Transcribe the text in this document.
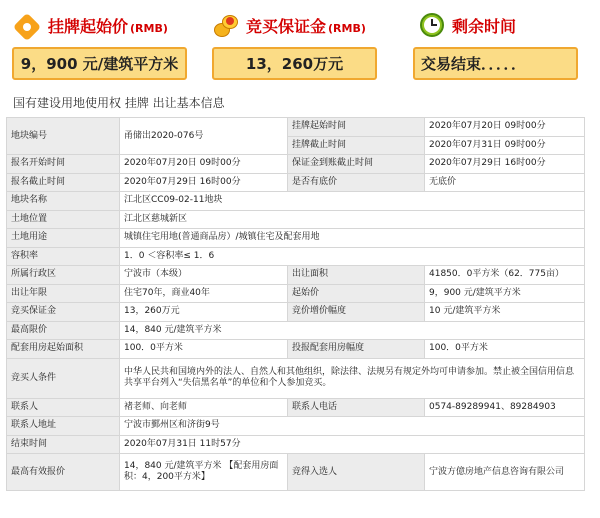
挂牌起始价 (RMB)	竞买保证金 (RMB)	剩余时间
9，900 元/建筑平方米	13，260万元	交易结束．．．．．
国有建设用地使用权 挂牌 出让基本信息
地块编号	甬储出2020-076号	挂牌起始时间	2020年07月20日 09时00分
		挂牌截止时间	2020年07月31日 09时00分
报名开始时间	2020年07月20日 09时00分	保证金到账截止时间	2020年07月29日 16时00分
报名截止时间	2020年07月29日 16时00分	是否有底价	无底价
地块名称	江北区CC09-02-11地块		
土地位置	江北区慈城新区		
土地用途	城镇住宅用地(普通商品房）/城镇住宅及配套用地		
容积率	1．0 ＜容积率≤ 1．6		
所属行政区	宁波市（本级）	出让面积	41850．0平方米（62．775亩）
出让年限	住宅70年，商业40年	起始价	9，900 元/建筑平方米
竞买保证金	13，260万元	竞价增价幅度	10 元/建筑平方米
最高限价	14，840 元/建筑平方米		
配套用房起始面积	100．0平方米	投报配套用房幅度	100．0平方米
竞买人条件	中华人民共和国境内外的法人、自然人和其他组织，除法律、法规另有规定外均可申请参加。禁止被全国信用信息共享平台列入“失信黑名单”的单位和个人参加竞买。		
联系人	褚老师、向老师	联系人电话	0574-89289941、89284903
联系人地址	宁波市鄞州区和济街9号		
结束时间	2020年07月31日 11时57分		
最高有效报价	14，840 元/建筑平方米 【配套用房面积：4，200平方米】	竞得入选人	宁波方億房地产信息咨询有限公司
